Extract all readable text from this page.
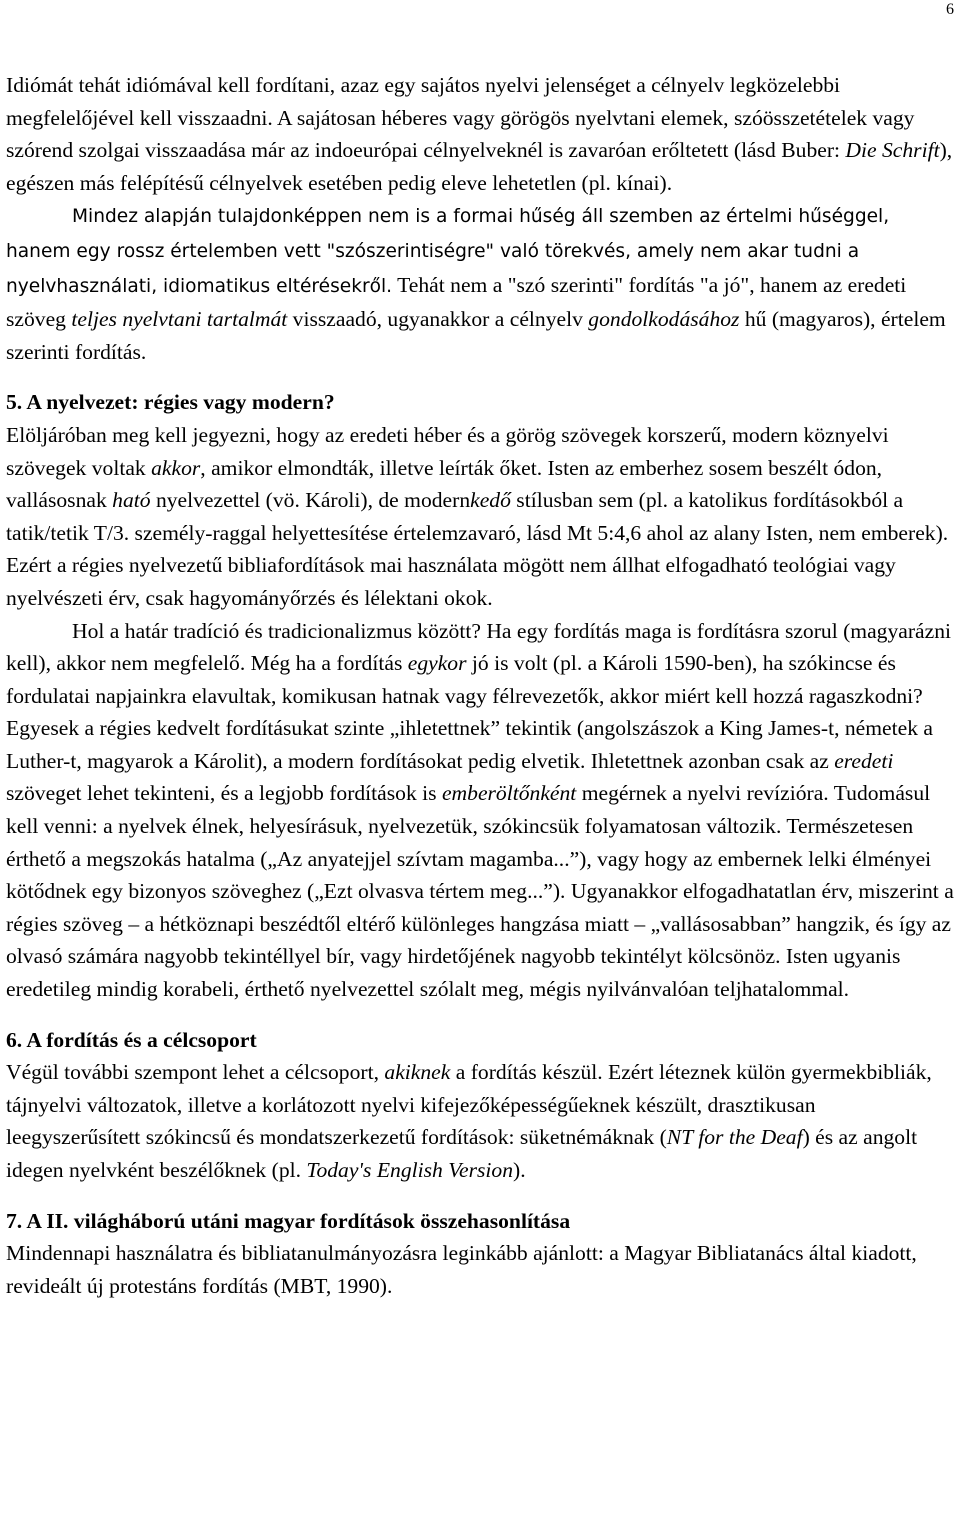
6

Idiómát tehát idiómával kell fordítani, azaz egy sajátos nyelvi jelenséget a célnyelv legközelebbi megfelelőjével kell visszaadni. A sajátosan héberes vagy görögös nyelvtani elemek, szóösszetételek vagy szórend szolgai visszaadása már az indoeurópai célnyelveknél is zavaróan erőltetett (lásd Buber: Die Schrift), egészen más felépítésű célnyelvek esetében pedig eleve lehetetlen (pl. kínai).

Mindez alapján tulajdonképpen nem is a formai hűség áll szemben az értelmi hűséggel, hanem egy rossz értelemben vett "szószerintiségre" való törekvés, amely nem akar tudni a nyelvhasználati, idiomatikus eltérésekről. Tehát nem a "szó szerinti" fordítás "a jó", hanem az eredeti szöveg teljes nyelvtani tartalmát visszaadó, ugyanakkor a célnyelv gondolkodásához hű (magyaros), értelem szerinti fordítás.

5. A nyelvezet: régies vagy modern?

Elöljáróban meg kell jegyezni, hogy az eredeti héber és a görög szövegek korszerű, modern köznyelvi szövegek voltak akkor, amikor elmondták, illetve leírták őket. Isten az emberhez sosem beszélt ódon, vallásosnak ható nyelvezettel (vö. Károli), de modernkedő stílusban sem (pl. a katolikus fordításokból a tatik/tetik T/3. személy-raggal helyettesítése értelemzavaró, lásd Mt 5:4,6 ahol az alany Isten, nem emberek). Ezért a régies nyelvezetű bibliafordítások mai használata mögött nem állhat elfogadható teológiai vagy nyelvészeti érv, csak hagyományőrzés és lélektani okok.

Hol a határ tradíció és tradicionalizmus között? Ha egy fordítás maga is fordításra szorul (magyarázni kell), akkor nem megfelelő. Még ha a fordítás egykor jó is volt (pl. a Károli 1590-ben), ha szókincse és fordulatai napjainkra elavultak, komikusan hatnak vagy félrevezetők, akkor miért kell hozzá ragaszkodni? Egyesek a régies kedvelt fordításukat szinte „ihletettnek” tekintik (angolszászok a King James-t, németek a Luther-t, magyarok a Károlit), a modern fordításokat pedig elvetik. Ihletettnek azonban csak az eredeti szöveget lehet tekinteni, és a legjobb fordítások is emberöltőnként megérnek a nyelvi revízióra. Tudomásul kell venni: a nyelvek élnek, helyesírásuk, nyelvezetük, szókincsük folyamatosan változik. Természetesen érthető a megszokás hatalma („Az anyatejjel szívtam magamba...”), vagy hogy az embernek lelki élményei kötődnek egy bizonyos szöveghez („Ezt olvasva tértem meg...”). Ugyanakkor elfogadhatatlan érv, miszerint a régies szöveg – a hétköznapi beszédtől eltérő különleges hangzása miatt – „vallásosabban” hangzik, és így az olvasó számára nagyobb tekintéllyel bír, vagy hirdetőjének nagyobb tekintélyt kölcsönöz. Isten ugyanis eredetileg mindig korabeli, érthető nyelvezettel szólalt meg, mégis nyilvánvalóan teljhatalommal.

6. A fordítás és a célcsoport

Végül további szempont lehet a célcsoport, akiknek a fordítás készül. Ezért léteznek külön gyermekbibliák, tájnyelvi változatok, illetve a korlátozott nyelvi kifejezőképességűeknek készült, drasztikusan leegyszerűsített szókincsű és mondatszerkezetű fordítások: süketnémáknak (NT for the Deaf) és az angolt idegen nyelvként beszélőknek (pl. Today's English Version).

7. A II. világháború utáni magyar fordítások összehasonlítása

Mindennapi használatra és bibliatanulmányozásra leginkább ajánlott: a Magyar Bibliatanács által kiadott, revideált új protestáns fordítás (MBT, 1990).
